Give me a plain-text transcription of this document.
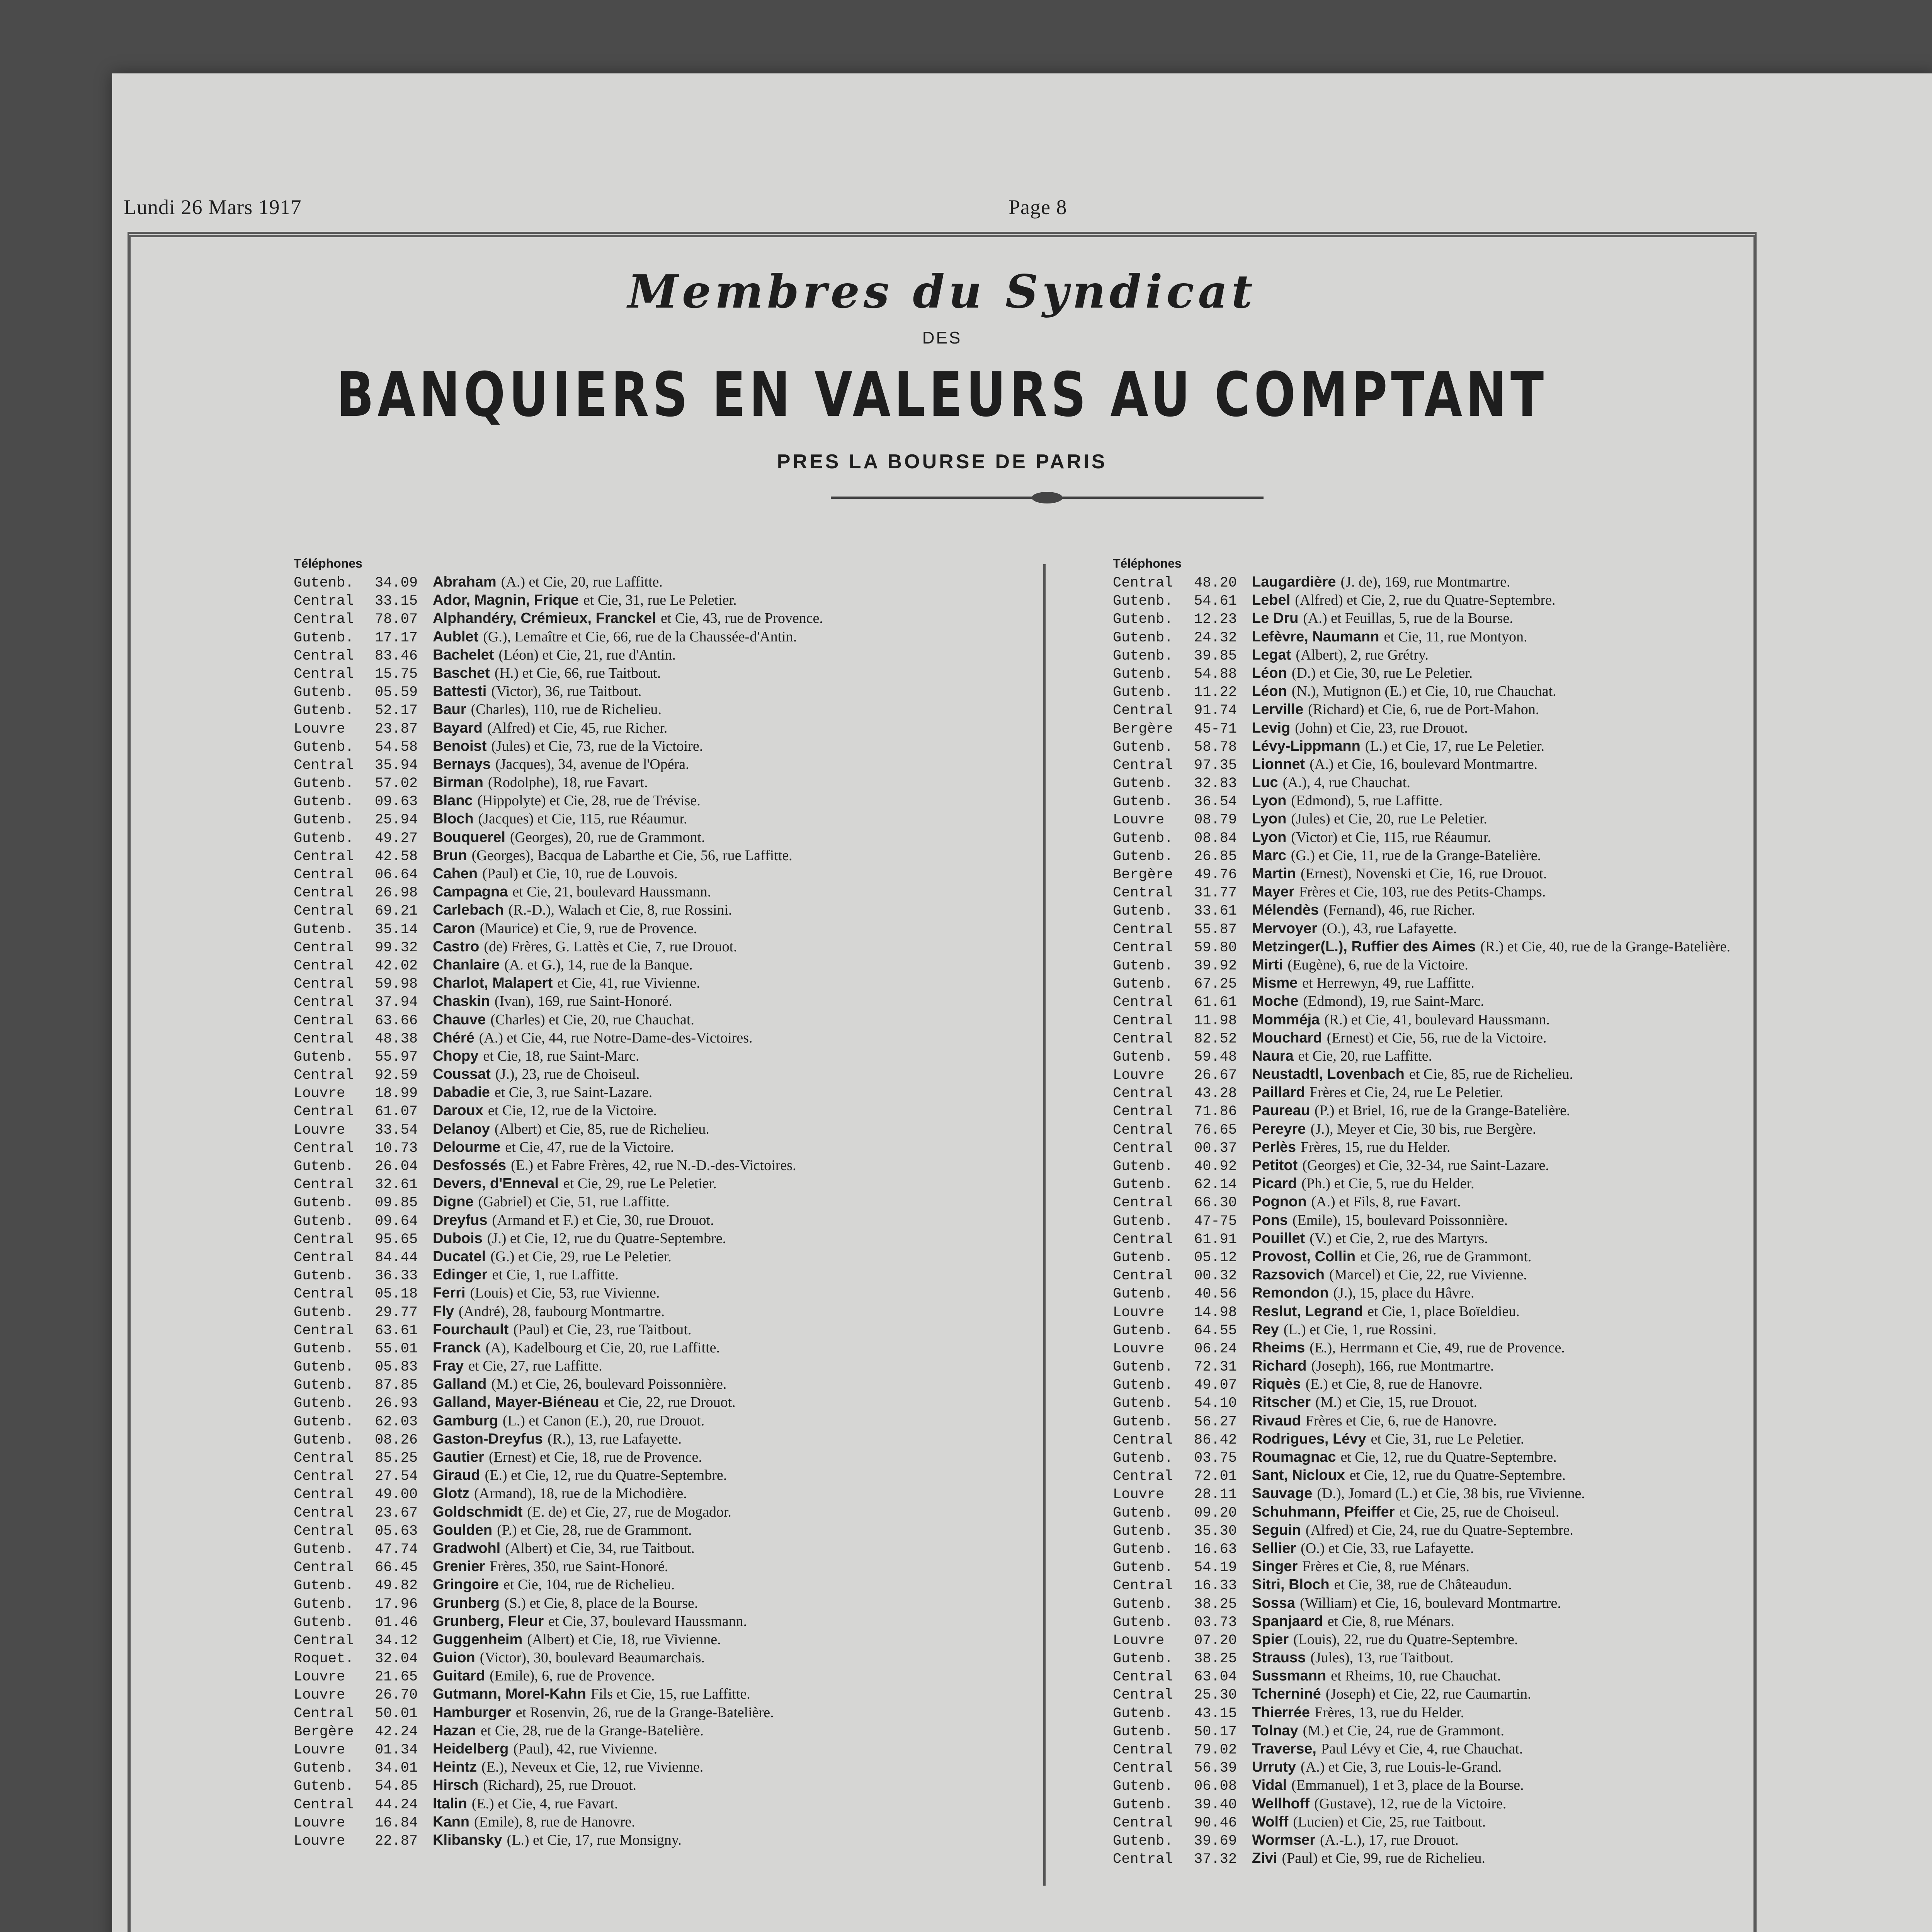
Lundi 26 Mars 1917	Page 8
Membres du Syndicat
DES
BANQUIERS EN VALEURS AU COMPTANT
PRES LA BOURSE DE PARIS
Téléphones
Gutenb.	34.09	Abraham (A.) et Cie, 20, rue Laffitte.
Central	33.15	Ador, Magnin, Frique et Cie, 31, rue Le Peletier.
Central	78.07	Alphandéry, Crémieux, Franckel et Cie, 43, rue de Provence.
Gutenb.	17.17	Aublet (G.), Lemaître et Cie, 66, rue de la Chaussée-d'Antin.
Central	83.46	Bachelet (Léon) et Cie, 21, rue d'Antin.
Central	15.75	Baschet (H.) et Cie, 66, rue Taitbout.
Gutenb.	05.59	Battesti (Victor), 36, rue Taitbout.
Gutenb.	52.17	Baur (Charles), 110, rue de Richelieu.
Louvre	23.87	Bayard (Alfred) et Cie, 45, rue Richer.
Gutenb.	54.58	Benoist (Jules) et Cie, 73, rue de la Victoire.
Central	35.94	Bernays (Jacques), 34, avenue de l'Opéra.
Gutenb.	57.02	Birman (Rodolphe), 18, rue Favart.
Gutenb.	09.63	Blanc (Hippolyte) et Cie, 28, rue de Trévise.
Gutenb.	25.94	Bloch (Jacques) et Cie, 115, rue Réaumur.
Gutenb.	49.27	Bouquerel (Georges), 20, rue de Grammont.
Central	42.58	Brun (Georges), Bacqua de Labarthe et Cie, 56, rue Laffitte.
Central	06.64	Cahen (Paul) et Cie, 10, rue de Louvois.
Central	26.98	Campagna et Cie, 21, boulevard Haussmann.
Central	69.21	Carlebach (R.-D.), Walach et Cie, 8, rue Rossini.
Gutenb.	35.14	Caron (Maurice) et Cie, 9, rue de Provence.
Central	99.32	Castro (de) Frères, G. Lattès et Cie, 7, rue Drouot.
Central	42.02	Chanlaire (A. et G.), 14, rue de la Banque.
Central	59.98	Charlot, Malapert et Cie, 41, rue Vivienne.
Central	37.94	Chaskin (Ivan), 169, rue Saint-Honoré.
Central	63.66	Chauve (Charles) et Cie, 20, rue Chauchat.
Central	48.38	Chéré (A.) et Cie, 44, rue Notre-Dame-des-Victoires.
Gutenb.	55.97	Chopy et Cie, 18, rue Saint-Marc.
Central	92.59	Coussat (J.), 23, rue de Choiseul.
Louvre	18.99	Dabadie et Cie, 3, rue Saint-Lazare.
Central	61.07	Daroux et Cie, 12, rue de la Victoire.
Louvre	33.54	Delanoy (Albert) et Cie, 85, rue de Richelieu.
Central	10.73	Delourme et Cie, 47, rue de la Victoire.
Gutenb.	26.04	Desfossés (E.) et Fabre Frères, 42, rue N.-D.-des-Victoires.
Central	32.61	Devers, d'Enneval et Cie, 29, rue Le Peletier.
Gutenb.	09.85	Digne (Gabriel) et Cie, 51, rue Laffitte.
Gutenb.	09.64	Dreyfus (Armand et F.) et Cie, 30, rue Drouot.
Central	95.65	Dubois (J.) et Cie, 12, rue du Quatre-Septembre.
Central	84.44	Ducatel (G.) et Cie, 29, rue Le Peletier.
Gutenb.	36.33	Edinger et Cie, 1, rue Laffitte.
Central	05.18	Ferri (Louis) et Cie, 53, rue Vivienne.
Gutenb.	29.77	Fly (André), 28, faubourg Montmartre.
Central	63.61	Fourchault (Paul) et Cie, 23, rue Taitbout.
Gutenb.	55.01	Franck (A), Kadelbourg et Cie, 20, rue Laffitte.
Gutenb.	05.83	Fray et Cie, 27, rue Laffitte.
Gutenb.	87.85	Galland (M.) et Cie, 26, boulevard Poissonnière.
Gutenb.	26.93	Galland, Mayer-Biéneau et Cie, 22, rue Drouot.
Gutenb.	62.03	Gamburg (L.) et Canon (E.), 20, rue Drouot.
Gutenb.	08.26	Gaston-Dreyfus (R.), 13, rue Lafayette.
Central	85.25	Gautier (Ernest) et Cie, 18, rue de Provence.
Central	27.54	Giraud (E.) et Cie, 12, rue du Quatre-Septembre.
Central	49.00	Glotz (Armand), 18, rue de la Michodière.
Central	23.67	Goldschmidt (E. de) et Cie, 27, rue de Mogador.
Central	05.63	Goulden (P.) et Cie, 28, rue de Grammont.
Gutenb.	47.74	Gradwohl (Albert) et Cie, 34, rue Taitbout.
Central	66.45	Grenier Frères, 350, rue Saint-Honoré.
Gutenb.	49.82	Gringoire et Cie, 104, rue de Richelieu.
Gutenb.	17.96	Grunberg (S.) et Cie, 8, place de la Bourse.
Gutenb.	01.46	Grunberg, Fleur et Cie, 37, boulevard Haussmann.
Central	34.12	Guggenheim (Albert) et Cie, 18, rue Vivienne.
Roquet.	32.04	Guion (Victor), 30, boulevard Beaumarchais.
Louvre	21.65	Guitard (Emile), 6, rue de Provence.
Louvre	26.70	Gutmann, Morel-Kahn Fils et Cie, 15, rue Laffitte.
Central	50.01	Hamburger et Rosenvin, 26, rue de la Grange-Batelière.
Bergère	42.24	Hazan et Cie, 28, rue de la Grange-Batelière.
Louvre	01.34	Heidelberg (Paul), 42, rue Vivienne.
Gutenb.	34.01	Heintz (E.), Neveux et Cie, 12, rue Vivienne.
Gutenb.	54.85	Hirsch (Richard), 25, rue Drouot.
Central	44.24	Italin (E.) et Cie, 4, rue Favart.
Louvre	16.84	Kann (Emile), 8, rue de Hanovre.
Louvre	22.87	Klibansky (L.) et Cie, 17, rue Monsigny.
Téléphones
Central	48.20	Laugardière (J. de), 169, rue Montmartre.
Gutenb.	54.61	Lebel (Alfred) et Cie, 2, rue du Quatre-Septembre.
Gutenb.	12.23	Le Dru (A.) et Feuillas, 5, rue de la Bourse.
Gutenb.	24.32	Lefèvre, Naumann et Cie, 11, rue Montyon.
Gutenb.	39.85	Legat (Albert), 2, rue Grétry.
Gutenb.	54.88	Léon (D.) et Cie, 30, rue Le Peletier.
Gutenb.	11.22	Léon (N.), Mutignon (E.) et Cie, 10, rue Chauchat.
Central	91.74	Lerville (Richard) et Cie, 6, rue de Port-Mahon.
Bergère	45-71	Levig (John) et Cie, 23, rue Drouot.
Gutenb.	58.78	Lévy-Lippmann (L.) et Cie, 17, rue Le Peletier.
Central	97.35	Lionnet (A.) et Cie, 16, boulevard Montmartre.
Gutenb.	32.83	Luc (A.), 4, rue Chauchat.
Gutenb.	36.54	Lyon (Edmond), 5, rue Laffitte.
Louvre	08.79	Lyon (Jules) et Cie, 20, rue Le Peletier.
Gutenb.	08.84	Lyon (Victor) et Cie, 115, rue Réaumur.
Gutenb.	26.85	Marc (G.) et Cie, 11, rue de la Grange-Batelière.
Bergère	49.76	Martin (Ernest), Novenski et Cie, 16, rue Drouot.
Central	31.77	Mayer Frères et Cie, 103, rue des Petits-Champs.
Gutenb.	33.61	Mélendès (Fernand), 46, rue Richer.
Central	55.87	Mervoyer (O.), 43, rue Lafayette.
Central	59.80	Metzinger(L.), Ruffier des Aimes (R.) et Cie, 40, rue de la Grange-Batelière.
Gutenb.	39.92	Mirti (Eugène), 6, rue de la Victoire.
Gutenb.	67.25	Misme et Herrewyn, 49, rue Laffitte.
Central	61.61	Moche (Edmond), 19, rue Saint-Marc.
Central	11.98	Momméja (R.) et Cie, 41, boulevard Haussmann.
Central	82.52	Mouchard (Ernest) et Cie, 56, rue de la Victoire.
Gutenb.	59.48	Naura et Cie, 20, rue Laffitte.
Louvre	26.67	Neustadtl, Lovenbach et Cie, 85, rue de Richelieu.
Central	43.28	Paillard Frères et Cie, 24, rue Le Peletier.
Central	71.86	Paureau (P.) et Briel, 16, rue de la Grange-Batelière.
Central	76.65	Pereyre (J.), Meyer et Cie, 30 bis, rue Bergère.
Central	00.37	Perlès Frères, 15, rue du Helder.
Gutenb.	40.92	Petitot (Georges) et Cie, 32-34, rue Saint-Lazare.
Gutenb.	62.14	Picard (Ph.) et Cie, 5, rue du Helder.
Central	66.30	Pognon (A.) et Fils, 8, rue Favart.
Gutenb.	47-75	Pons (Emile), 15, boulevard Poissonnière.
Central	61.91	Pouillet (V.) et Cie, 2, rue des Martyrs.
Gutenb.	05.12	Provost, Collin et Cie, 26, rue de Grammont.
Central	00.32	Razsovich (Marcel) et Cie, 22, rue Vivienne.
Gutenb.	40.56	Remondon (J.), 15, place du Hâvre.
Louvre	14.98	Reslut, Legrand et Cie, 1, place Boïeldieu.
Gutenb.	64.55	Rey (L.) et Cie, 1, rue Rossini.
Louvre	06.24	Rheims (E.), Herrmann et Cie, 49, rue de Provence.
Gutenb.	72.31	Richard (Joseph), 166, rue Montmartre.
Gutenb.	49.07	Riquès (E.) et Cie, 8, rue de Hanovre.
Gutenb.	54.10	Ritscher (M.) et Cie, 15, rue Drouot.
Gutenb.	56.27	Rivaud Frères et Cie, 6, rue de Hanovre.
Central	86.42	Rodrigues, Lévy et Cie, 31, rue Le Peletier.
Gutenb.	03.75	Roumagnac et Cie, 12, rue du Quatre-Septembre.
Central	72.01	Sant, Nicloux et Cie, 12, rue du Quatre-Septembre.
Louvre	28.11	Sauvage (D.), Jomard (L.) et Cie, 38 bis, rue Vivienne.
Gutenb.	09.20	Schuhmann, Pfeiffer et Cie, 25, rue de Choiseul.
Gutenb.	35.30	Seguin (Alfred) et Cie, 24, rue du Quatre-Septembre.
Gutenb.	16.63	Sellier (O.) et Cie, 33, rue Lafayette.
Gutenb.	54.19	Singer Frères et Cie, 8, rue Ménars.
Central	16.33	Sitri, Bloch et Cie, 38, rue de Châteaudun.
Gutenb.	38.25	Sossa (William) et Cie, 16, boulevard Montmartre.
Gutenb.	03.73	Spanjaard et Cie, 8, rue Ménars.
Louvre	07.20	Spier (Louis), 22, rue du Quatre-Septembre.
Gutenb.	38.25	Strauss (Jules), 13, rue Taitbout.
Central	63.04	Sussmann et Rheims, 10, rue Chauchat.
Central	25.30	Tcherniné (Joseph) et Cie, 22, rue Caumartin.
Gutenb.	43.15	Thierrée Frères, 13, rue du Helder.
Gutenb.	50.17	Tolnay (M.) et Cie, 24, rue de Grammont.
Central	79.02	Traverse, Paul Lévy et Cie, 4, rue Chauchat.
Central	56.39	Urruty (A.) et Cie, 3, rue Louis-le-Grand.
Gutenb.	06.08	Vidal (Emmanuel), 1 et 3, place de la Bourse.
Gutenb.	39.40	Wellhoff (Gustave), 12, rue de la Victoire.
Central	90.46	Wolff (Lucien) et Cie, 25, rue Taitbout.
Gutenb.	39.69	Wormser (A.-L.), 17, rue Drouot.
Central	37.32	Zivi (Paul) et Cie, 99, rue de Richelieu.
